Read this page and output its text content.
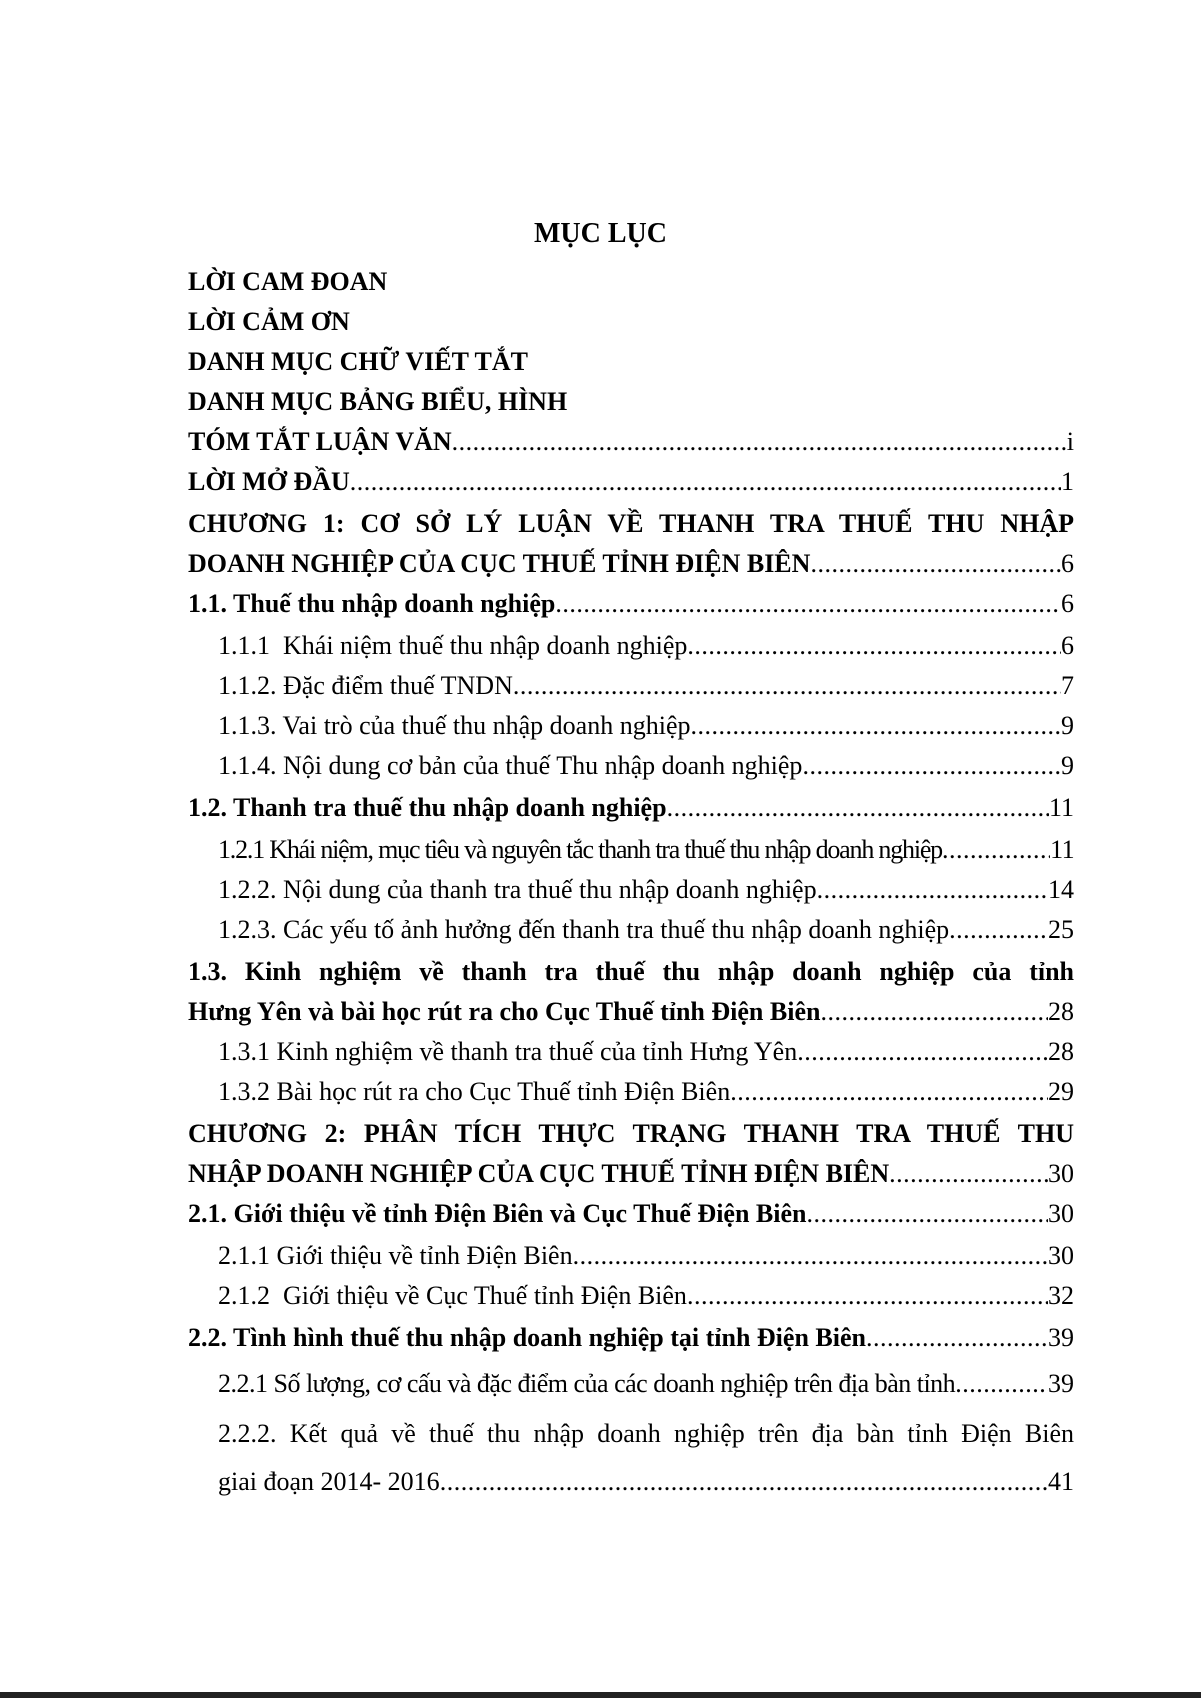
MỤC LỤC
LỜI CAM ĐOAN
LỜI CẢM ƠN
DANH MỤC CHỮ VIẾT TẮT
DANH MỤC BẢNG BIỂU, HÌNH
TÓM TẮT LUẬN VĂN . . .	i
LỜI MỞ ĐẦU . . .	1
CHƯƠNG 1: CƠ SỞ LÝ LUẬN VỀ THANH TRA THUẾ THU NHẬP
DOANH NGHIỆP CỦA CỤC THUẾ TỈNH ĐIỆN BIÊN . . .	6
1.1. Thuế thu nhập doanh nghiệp . . .	6
1.1.1  Khái niệm thuế thu nhập doanh nghiệp . . .	6
1.1.2. Đặc điểm thuế TNDN . . .	7
1.1.3. Vai trò của thuế thu nhập doanh nghiệp . . .	9
1.1.4. Nội dung cơ bản của thuế Thu nhập doanh nghiệp . . .	9
1.2. Thanh tra thuế thu nhập doanh nghiệp . . .	11
1.2.1 Khái niệm, mục tiêu và nguyên tắc thanh tra thuế thu nhập doanh nghiệp . . .	11
1.2.2. Nội dung của thanh tra thuế thu nhập doanh nghiệp . . .	14
1.2.3. Các yếu tố ảnh hưởng đến thanh tra thuế thu nhập doanh nghiệp . . .	25
1.3. Kinh nghiệm về thanh tra thuế thu nhập doanh nghiệp của tỉnh
Hưng Yên và bài học rút ra cho Cục Thuế tỉnh Điện Biên . . .	28
1.3.1 Kinh nghiệm về thanh tra thuế của tỉnh Hưng Yên . . .	28
1.3.2 Bài học rút ra cho Cục Thuế tỉnh Điện Biên . . .	29
CHƯƠNG 2: PHÂN TÍCH THỰC TRẠNG THANH TRA THUẾ THU
NHẬP DOANH NGHIỆP CỦA CỤC THUẾ TỈNH ĐIỆN BIÊN . . .	30
2.1. Giới thiệu về tỉnh Điện Biên và Cục Thuế Điện Biên . . .	30
2.1.1 Giới thiệu về tỉnh Điện Biên . . .	30
2.1.2  Giới thiệu về Cục Thuế tỉnh Điện Biên . . .	32
2.2. Tình hình thuế thu nhập doanh nghiệp tại tỉnh Điện Biên . . .	39
2.2.1 Số lượng, cơ cấu và đặc điểm của các doanh nghiệp trên địa bàn tỉnh . . .	39
2.2.2. Kết quả về thuế thu nhập doanh nghiệp trên địa bàn tỉnh Điện Biên
giai đoạn 2014- 2016 . . .	41
